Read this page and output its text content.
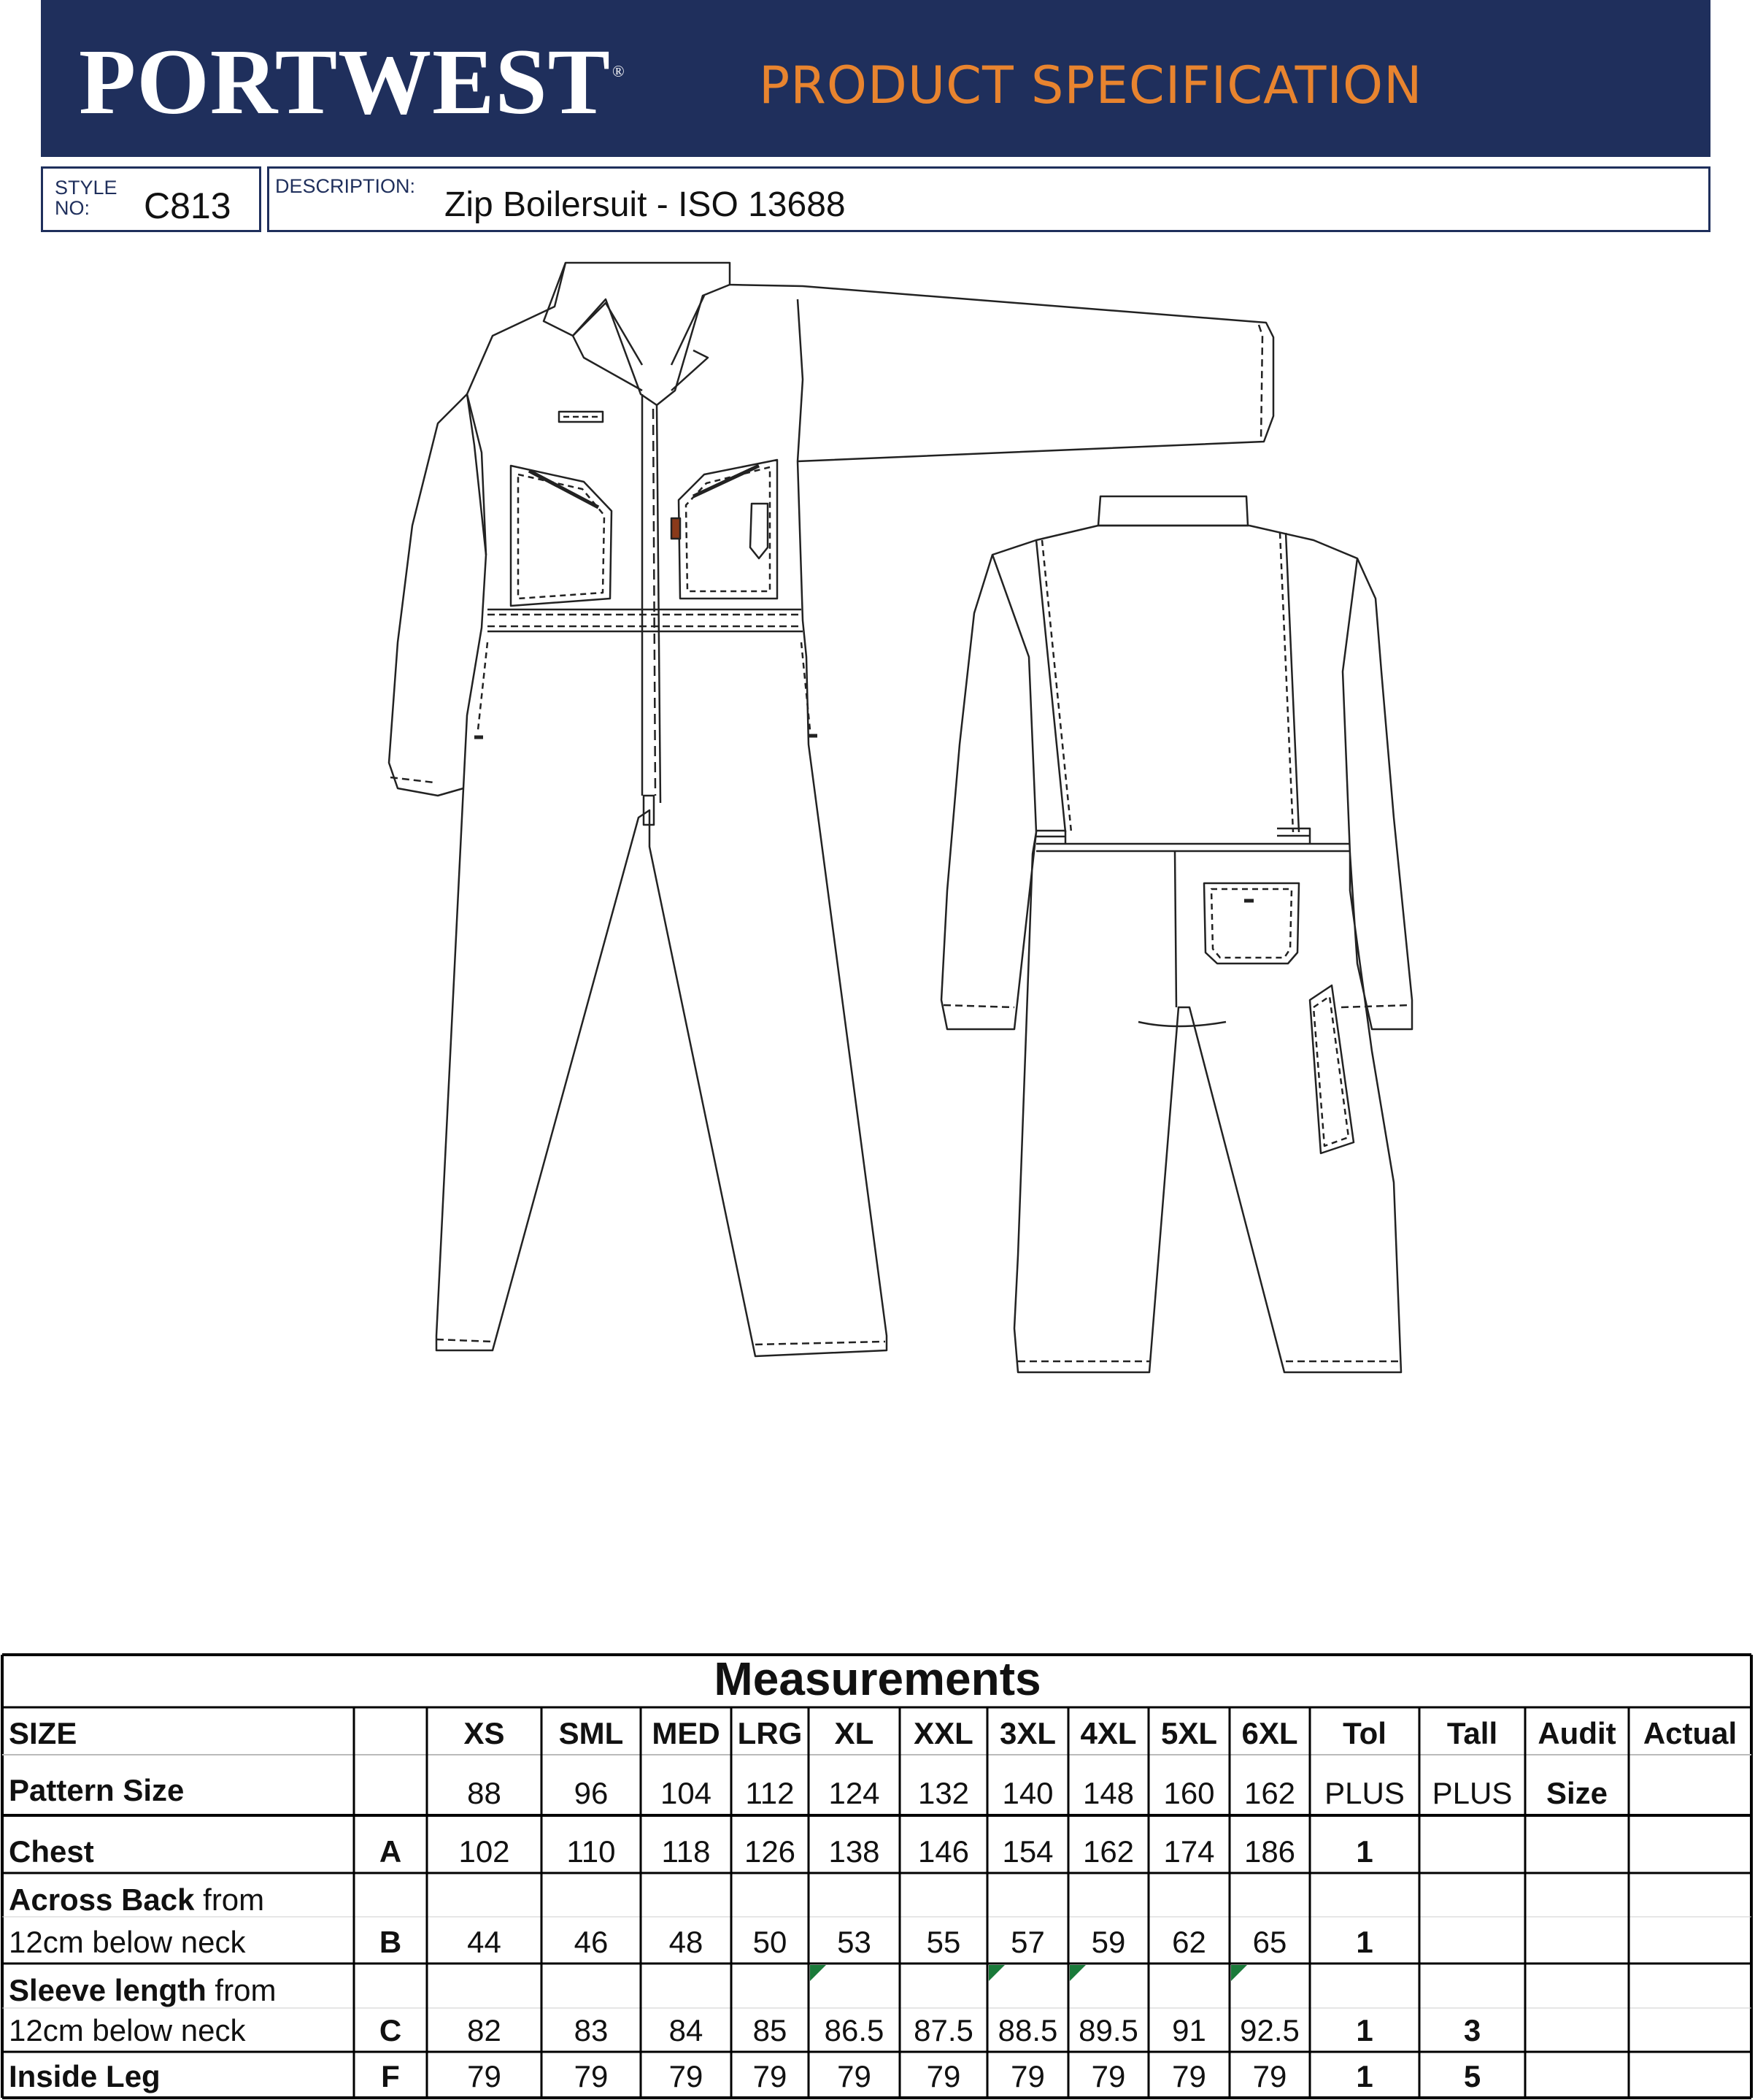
PORTWEST®	PRODUCT SPECIFICATION
STYLE NO:	C813 DESCRIPTION: Zip Boilersuit - ISO 13688
Measurements
SIZE	XS SML MED LRG XL XXL 3XL 4XL 5XL 6XL Tol Tall Audit Actual
Pattern Size	88 96 104 112 124 132 140 148 160 162 PLUS PLUS Size
Chest	A 102 110 118 126 138 146 154 162 174 186 1
Across Back from
12cm below neck	B 44 46 48 50 53 55 57 59 62 65 1
Sleeve length from
12cm below neck	C 82 83 84 85 86.5 87.5 88.5 89.5 91 92.5 1	3
Inside Leg	F 79 79 79 79 79 79 79 79 79 79 1	5
